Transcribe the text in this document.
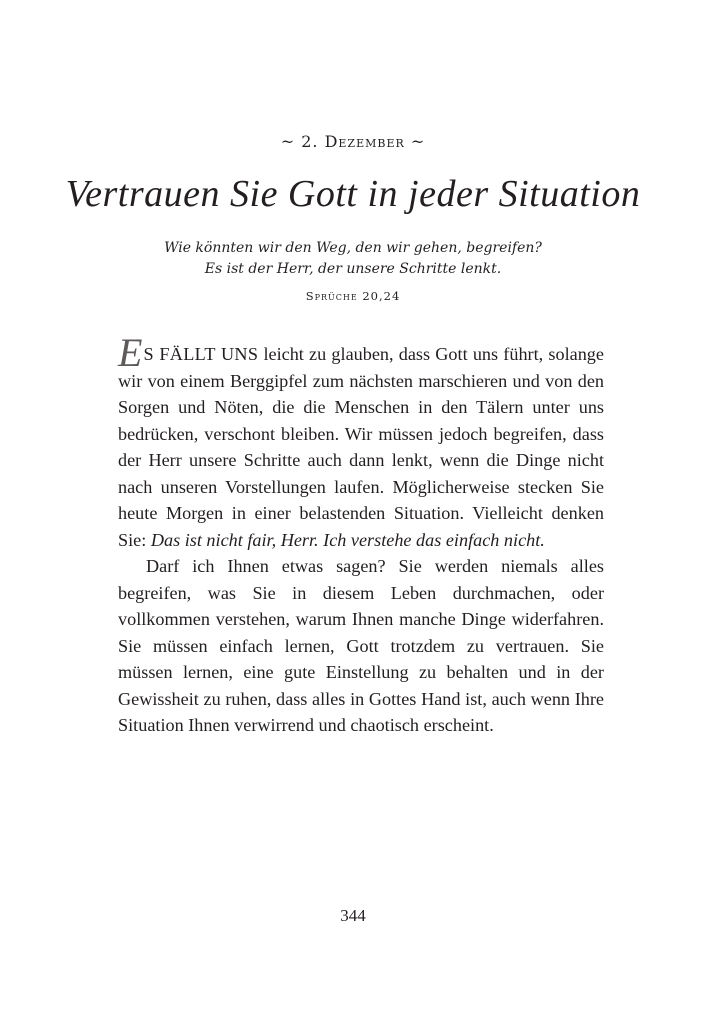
~ 2. Dezember ~
Vertrauen Sie Gott in jeder Situation
Wie könnten wir den Weg, den wir gehen, begreifen?
Es ist der Herr, der unsere Schritte lenkt.
Sprüche 20,24

ES FÄLLT UNS leicht zu glauben, dass Gott uns führt, solange wir von einem Berggipfel zum nächsten marschieren und von den Sorgen und Nöten, die die Menschen in den Tälern unter uns bedrücken, verschont bleiben. Wir müssen jedoch begreifen, dass der Herr unsere Schritte auch dann lenkt, wenn die Dinge nicht nach unseren Vorstellungen laufen. Möglicherweise stecken Sie heute Morgen in einer belastenden Situation. Vielleicht denken Sie: Das ist nicht fair, Herr. Ich verstehe das einfach nicht.

Darf ich Ihnen etwas sagen? Sie werden niemals alles begreifen, was Sie in diesem Leben durchmachen, oder vollkommen verstehen, warum Ihnen manche Dinge widerfahren. Sie müssen einfach lernen, Gott trotzdem zu vertrauen. Sie müssen lernen, eine gute Einstellung zu behalten und in der Gewissheit zu ruhen, dass alles in Gottes Hand ist, auch wenn Ihre Situation Ihnen verwirrend und chaotisch erscheint.

344
